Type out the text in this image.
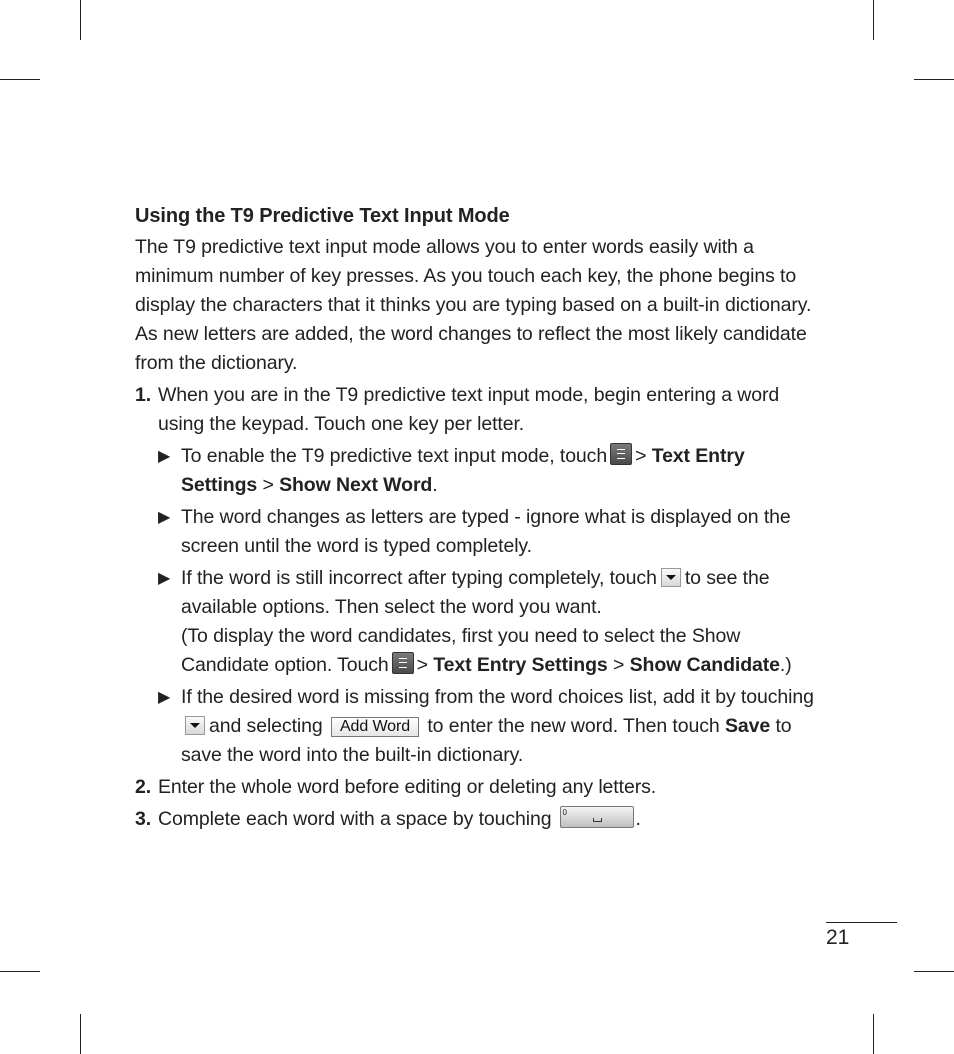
Using the T9 Predictive Text Input Mode
The T9 predictive text input mode allows you to enter words easily with a minimum number of key presses. As you touch each key, the phone begins to display the characters that it thinks you are typing based on a built-in dictionary. As new letters are added, the word changes to reflect the most likely candidate from the dictionary.
1. When you are in the T9 predictive text input mode, begin entering a word using the keypad. Touch one key per letter.
▶ To enable the T9 predictive text input mode, touch > Text Entry Settings > Show Next Word.
▶ The word changes as letters are typed - ignore what is displayed on the screen until the word is typed completely.
▶ If the word is still incorrect after typing completely, touch to see the available options. Then select the word you want.
(To display the word candidates, first you need to select the Show Candidate option. Touch > Text Entry Settings > Show Candidate.)
▶ If the desired word is missing from the word choices list, add it by touchingand selecting Add Word to enter the new word. Then touch Save to save the word into the built-in dictionary.
2. Enter the whole word before editing or deleting any letters.
3. Complete each word with a space by touching 0	.
21
